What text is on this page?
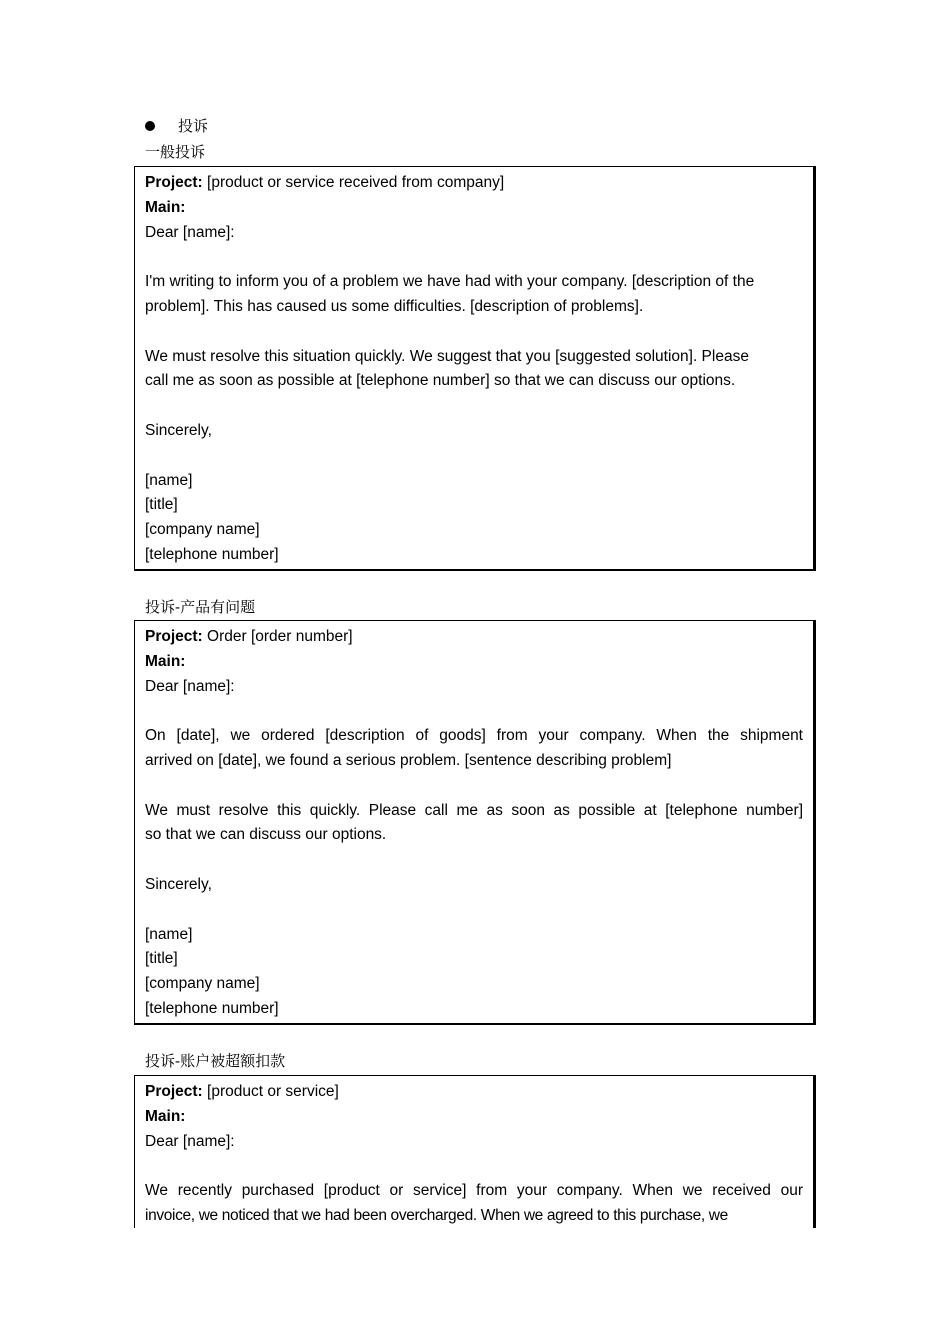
投诉
一般投诉
Project: [product or service received from company]
Main:
Dear [name]:
I'm writing to inform you of a problem we have had with your company. [description of the
problem]. This has caused us some difficulties. [description of problems].
We must resolve this situation quickly. We suggest that you [suggested solution]. Please
call me as soon as possible at [telephone number] so that we can discuss our options.
Sincerely,
[name]
[title]
[company name]
[telephone number]
投诉-产品有问题
Project: Order [order number]
Main:
Dear [name]:
On [date], we ordered [description of goods] from your company. When the shipment
arrived on [date], we found a serious problem. [sentence describing problem]
We must resolve this quickly. Please call me as soon as possible at [telephone number]
so that we can discuss our options.
Sincerely,
[name]
[title]
[company name]
[telephone number]
投诉-账户被超额扣款
Project: [product or service]
Main:
Dear [name]:
We recently purchased [product or service] from your company. When we received our
invoice, we noticed that we had been overcharged. When we agreed to this purchase, we
